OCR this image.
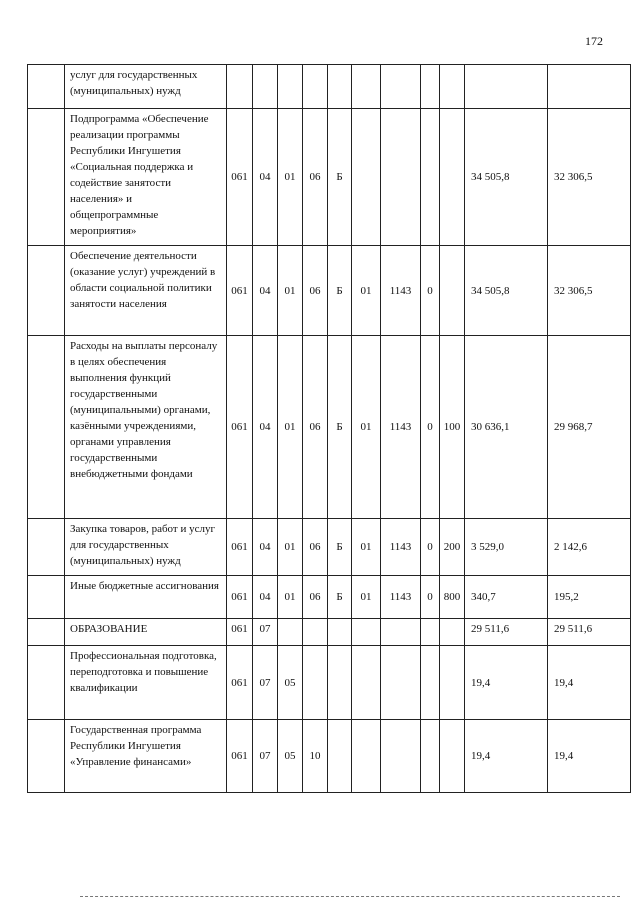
172
	услуг для государственных (муниципальных) нужд											
	Подпрограмма «Обеспечение реализации программы Республики Ингушетия «Социальная поддержка и содействие занятости населения» и общепрограммные мероприятия»	061	04	01	06	Б					34 505,8	32 306,5
	Обеспечение деятельности (оказание услуг) учреждений в области социальной политики занятости населения	061	04	01	06	Б	01	1143	0		34 505,8	32 306,5
	Расходы на выплаты персоналу в целях обеспечения выполнения функций государственными (муниципальными) органами, казёнными учреждениями, органами управления государственными внебюджетными фондами	061	04	01	06	Б	01	1143	0	100	30 636,1	29 968,7
	Закупка товаров, работ и услуг для государственных (муниципальных) нужд	061	04	01	06	Б	01	1143	0	200	3 529,0	2 142,6
	Иные бюджетные ассигнования	061	04	01	06	Б	01	1143	0	800	340,7	195,2
	ОБРАЗОВАНИЕ	061	07								29 511,6	29 511,6
	Профессиональная подготовка, переподготовка и повышение квалификации	061	07	05							19,4	19,4
	Государственная программа Республики Ингушетия «Управление финансами»	061	07	05	10						19,4	19,4
